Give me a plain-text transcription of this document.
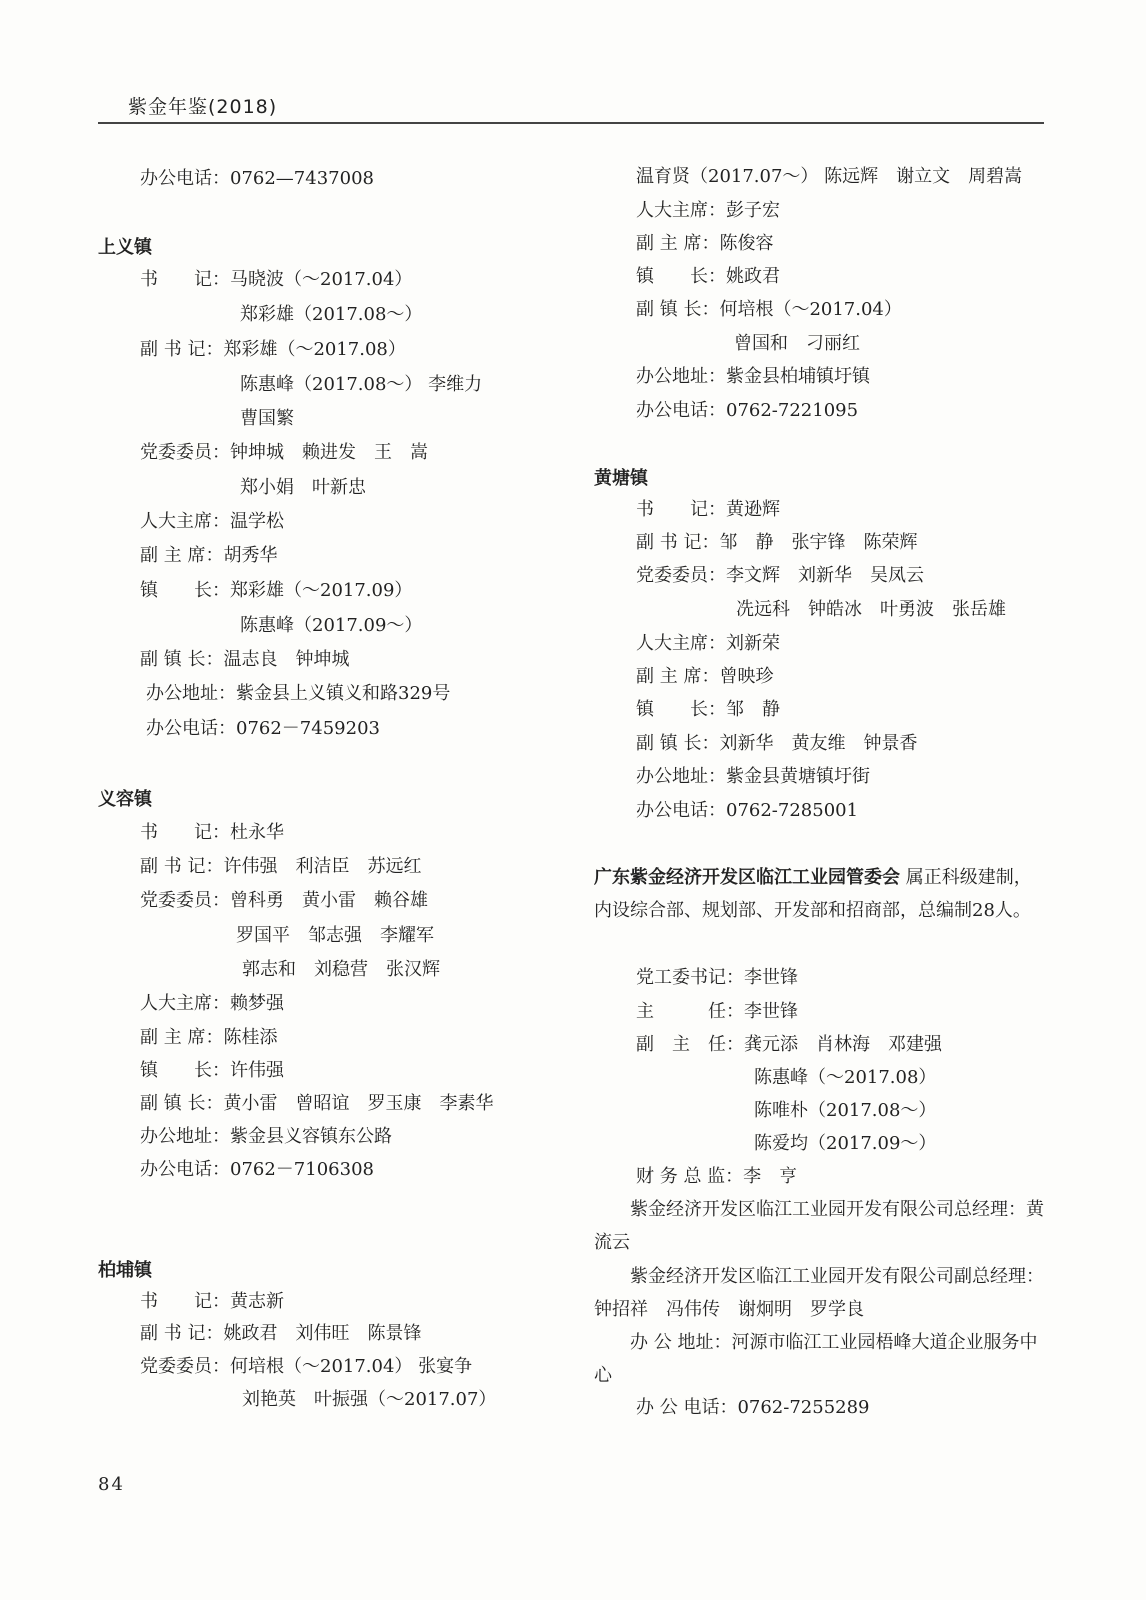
紫金年鉴(2018)
办公电话：0762—7437008
上义镇
书　　记：马晓波（～2017.04）
郑彩雄（2017.08～）
副 书 记：郑彩雄（～2017.08）
陈惠峰（2017.08～） 李维力
曹国繁
党委委员：钟坤城　赖进发　王　嵩
郑小娟　叶新忠
人大主席：温学松
副 主 席：胡秀华
镇　　长：郑彩雄（～2017.09）
陈惠峰（2017.09～）
副 镇 长：温志良　钟坤城
办公地址：紫金县上义镇义和路329号
办公电话：0762－7459203
义容镇
书　　记：杜永华
副 书 记：许伟强　利洁臣　苏远红
党委委员：曾科勇　黄小雷　赖谷雄
罗国平　邹志强　李耀军
郭志和　刘稳营　张汉辉
人大主席：赖梦强
副 主 席：陈桂添
镇　　长：许伟强
副 镇 长：黄小雷　曾昭谊　罗玉康　李素华
办公地址：紫金县义容镇东公路
办公电话：0762－7106308
柏埔镇
书　　记：黄志新
副 书 记：姚政君　刘伟旺　陈景锋
党委委员：何培根（～2017.04） 张宴争
刘艳英　叶振强（～2017.07）
温育贤（2017.07～） 陈远辉　谢立文　周碧嵩
人大主席：彭子宏
副 主 席：陈俊容
镇　　长：姚政君
副 镇 长：何培根（～2017.04）
曾国和　刁丽红
办公地址：紫金县柏埔镇圩镇
办公电话：0762-7221095
黄塘镇
书　　记：黄逊辉
副 书 记：邹　静　张宇锋　陈荣辉
党委委员：李文辉　刘新华　吴凤云
冼远科　钟皓冰　叶勇波　张岳雄
人大主席：刘新荣
副 主 席：曾映珍
镇　　长：邹　静
副 镇 长：刘新华　黄友维　钟景香
办公地址：紫金县黄塘镇圩街
办公电话：0762-7285001
广东紫金经济开发区临江工业园管委会 属正科级建制，内设综合部、规划部、开发部和招商部，总编制28人。
党工委书记：李世锋
主　　　任：李世锋
副　主　任：龚元添　肖林海　邓建强
陈惠峰（～2017.08）
陈唯朴（2017.08～）
陈爱均（2017.09～）
财 务 总 监：李　亨
紫金经济开发区临江工业园开发有限公司总经理：黄流云
紫金经济开发区临江工业园开发有限公司副总经理：钟招祥　冯伟传　谢炯明　罗学良
办 公 地址：河源市临江工业园梧峰大道企业服务中心
办 公 电话：0762-7255289
84
